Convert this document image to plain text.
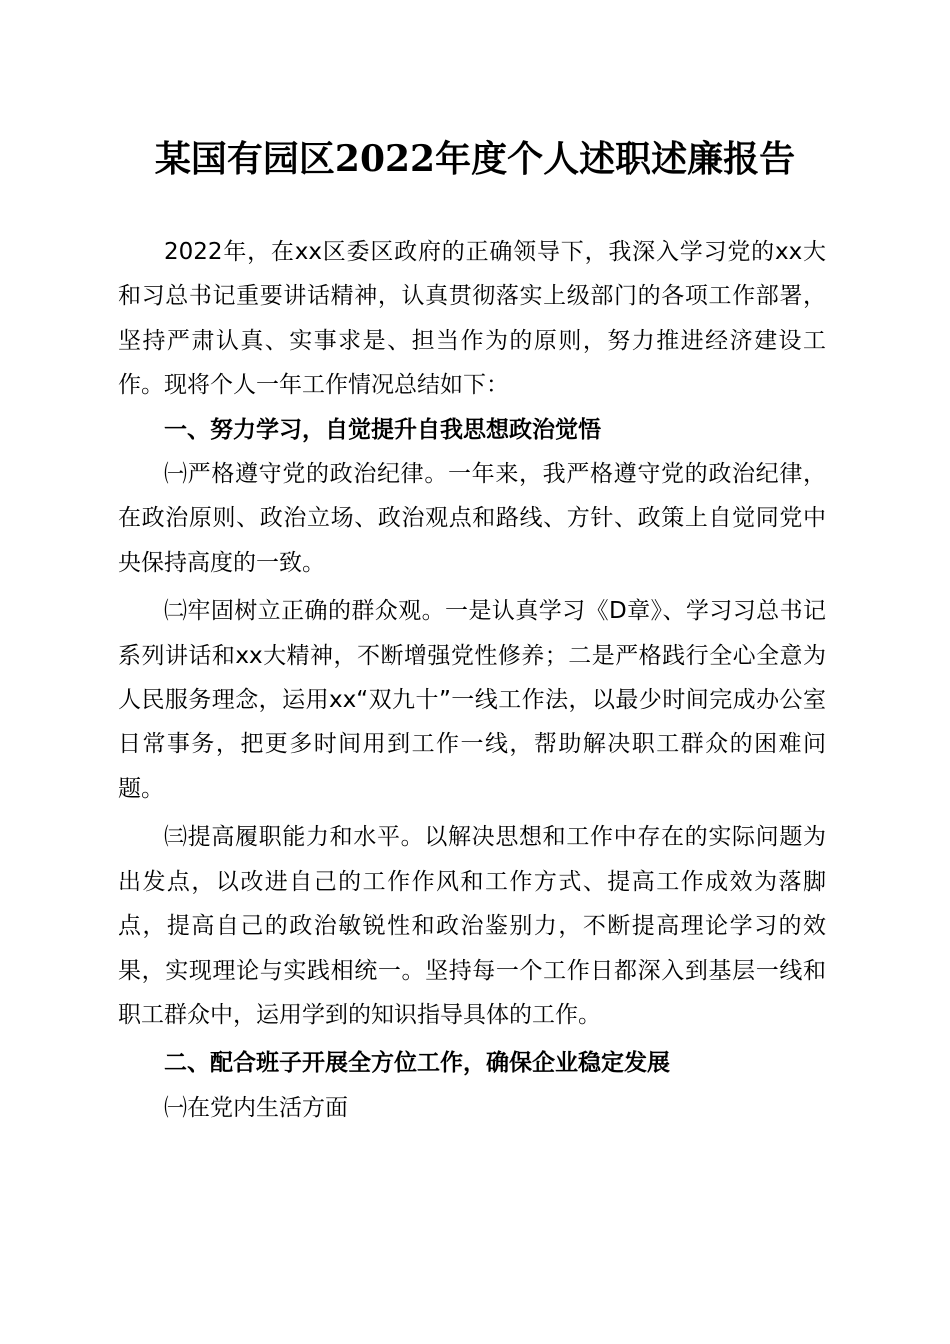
某国有园区2022年度个人述职述廉报告

2022年，在xx区委区政府的正确领导下，我深入学习党的xx大和习总书记重要讲话精神，认真贯彻落实上级部门的各项工作部署，坚持严肃认真、实事求是、担当作为的原则，努力推进经济建设工作。现将个人一年工作情况总结如下：

一、努力学习，自觉提升自我思想政治觉悟

㈠严格遵守党的政治纪律。一年来，我严格遵守党的政治纪律，在政治原则、政治立场、政治观点和路线、方针、政策上自觉同党中央保持高度的一致。

㈡牢固树立正确的群众观。一是认真学习《D章》、学习习总书记系列讲话和xx大精神，不断增强党性修养；二是严格践行全心全意为人民服务理念，运用xx“双九十”一线工作法，以最少时间完成办公室日常事务，把更多时间用到工作一线，帮助解决职工群众的困难问题。

㈢提高履职能力和水平。以解决思想和工作中存在的实际问题为出发点，以改进自己的工作作风和工作方式、提高工作成效为落脚点，提高自己的政治敏锐性和政治鉴别力，不断提高理论学习的效果，实现理论与实践相统一。坚持每一个工作日都深入到基层一线和职工群众中，运用学到的知识指导具体的工作。

二、配合班子开展全方位工作，确保企业稳定发展

㈠在党内生活方面
